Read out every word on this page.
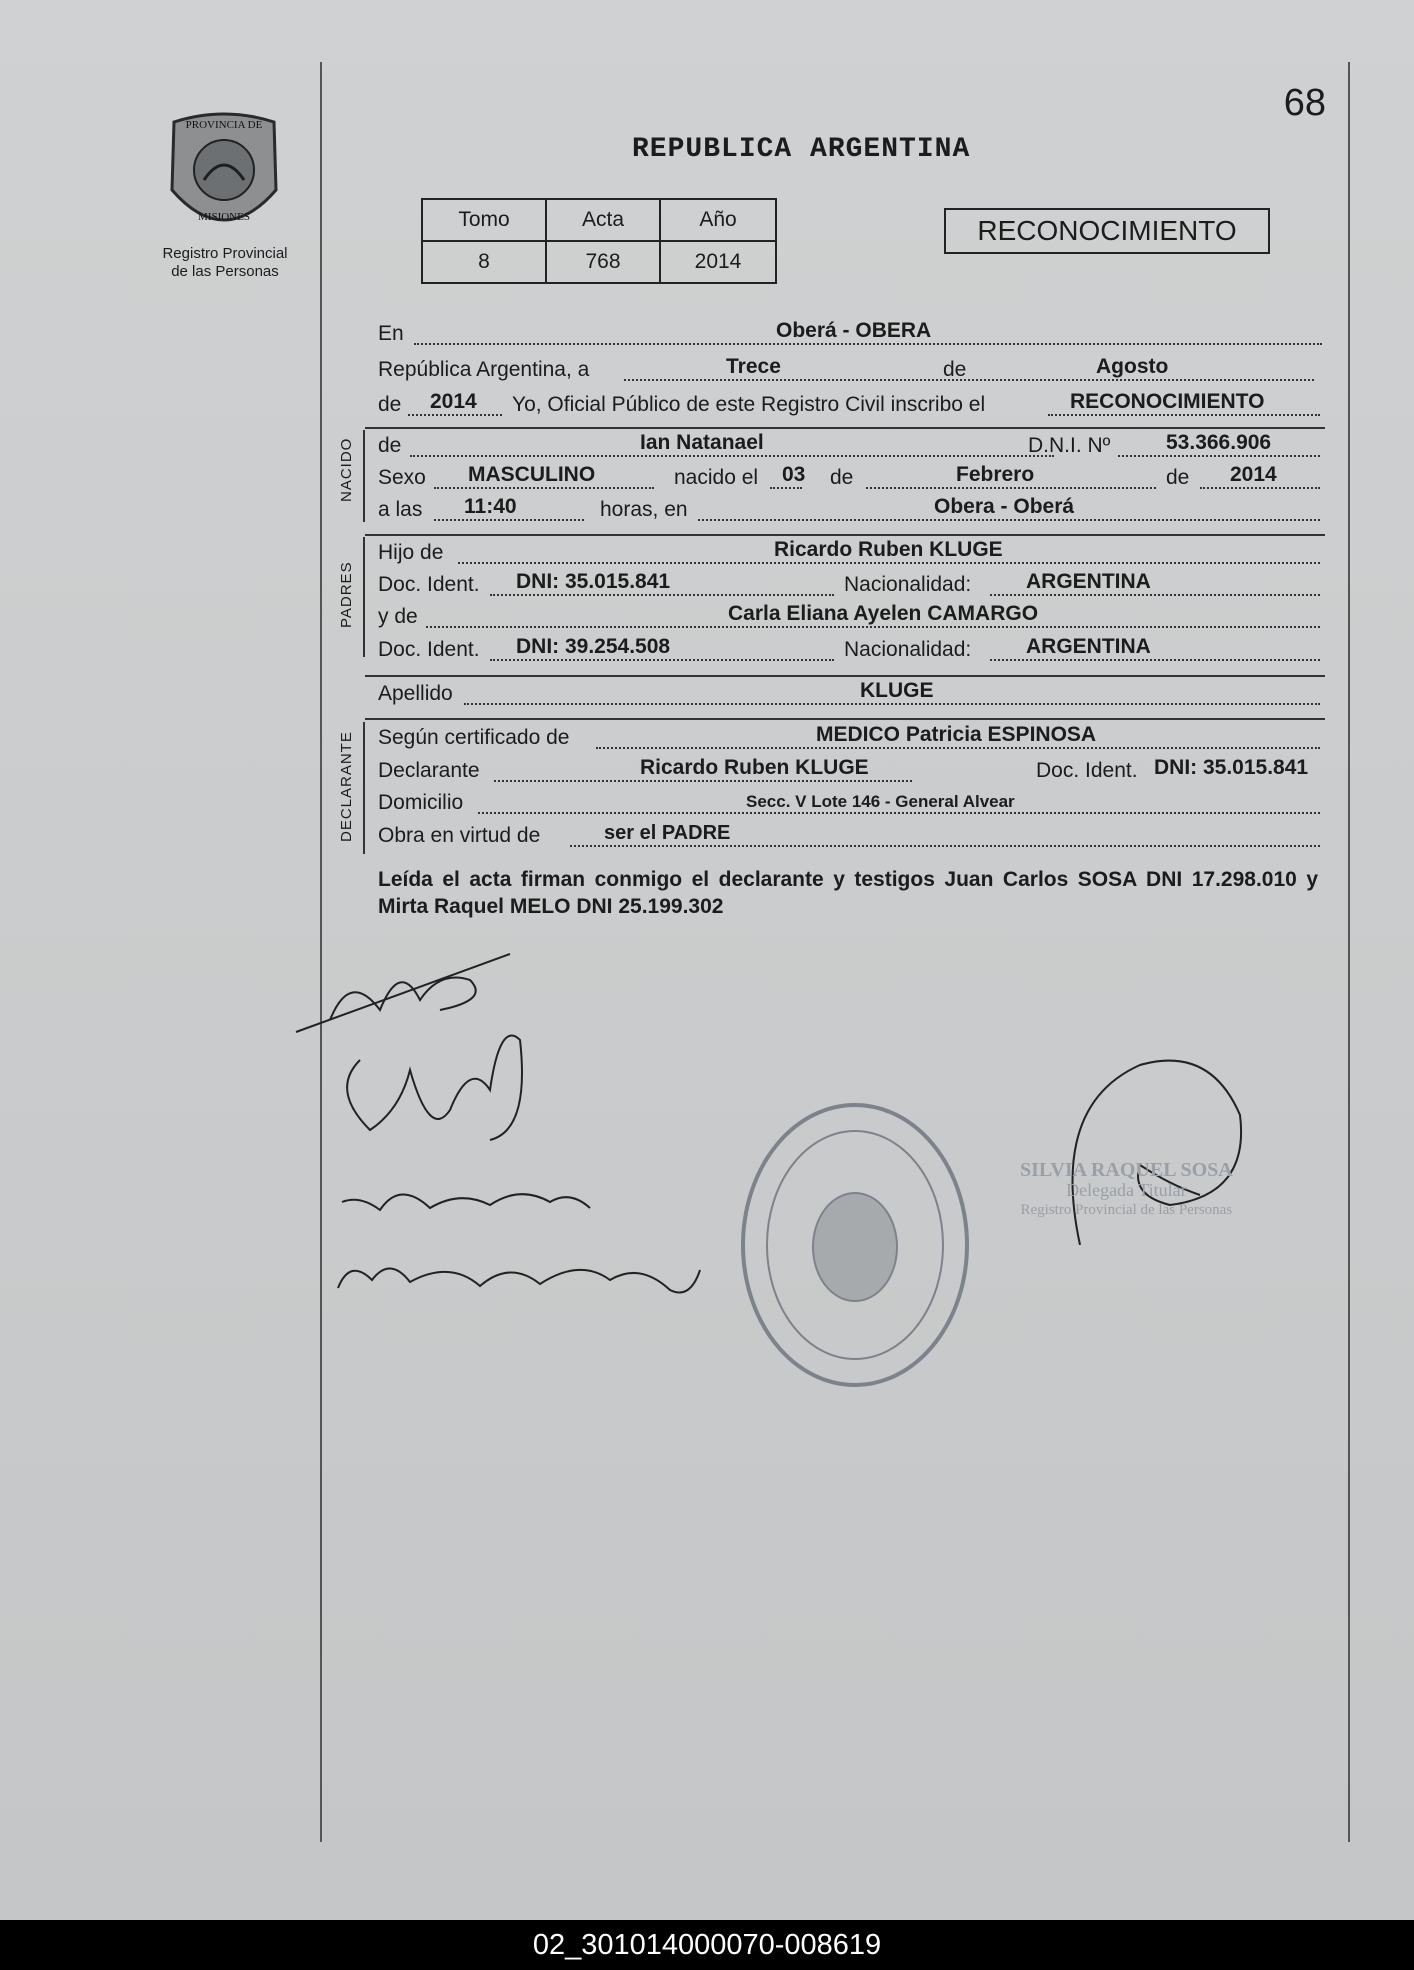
PROVINCIA DE
MISIONES
Registro Provincial
de las Personas
68
REPUBLICA ARGENTINA
Tomo	Acta	Año
8	768	2014
RECONOCIMIENTO
En	Oberá - OBERA
República Argentina, a	Trece	de	Agosto
de 2014 Yo, Oficial Público de este Registro Civil inscribo el	RECONOCIMIENTO
NACIDO de	Ian Natanael	D.N.I. Nº	53.366.906
Sexo MASCULINO	nacido el 03 de	Febrero	de 2014
a las 11:40	horas, en	Obera - Oberá
PADRES
Hijo de	Ricardo Ruben KLUGE
Doc. Ident. DNI: 35.015.841	Nacionalidad:	ARGENTINA
y de	Carla Eliana Ayelen CAMARGO
Doc. Ident. DNI: 39.254.508	Nacionalidad:	ARGENTINA
Apellido	KLUGE
DECLARANTE Según certificado de	MEDICO Patricia ESPINOSA
Declarante	Ricardo Ruben KLUGE	Doc. Ident. DNI: 35.015.841
Domicilio	Secc. V Lote 146 - General Alvear
Obra en virtud de	ser el PADRE
Leída el acta firman conmigo el declarante y testigos Juan Carlos SOSA DNI 17.298.010 y Mirta Raquel MELO DNI 25.199.302
SILVIA RAQUEL SOSA
Delegada Titular
Registro Provincial de las Personas
02_301014000070-008619
